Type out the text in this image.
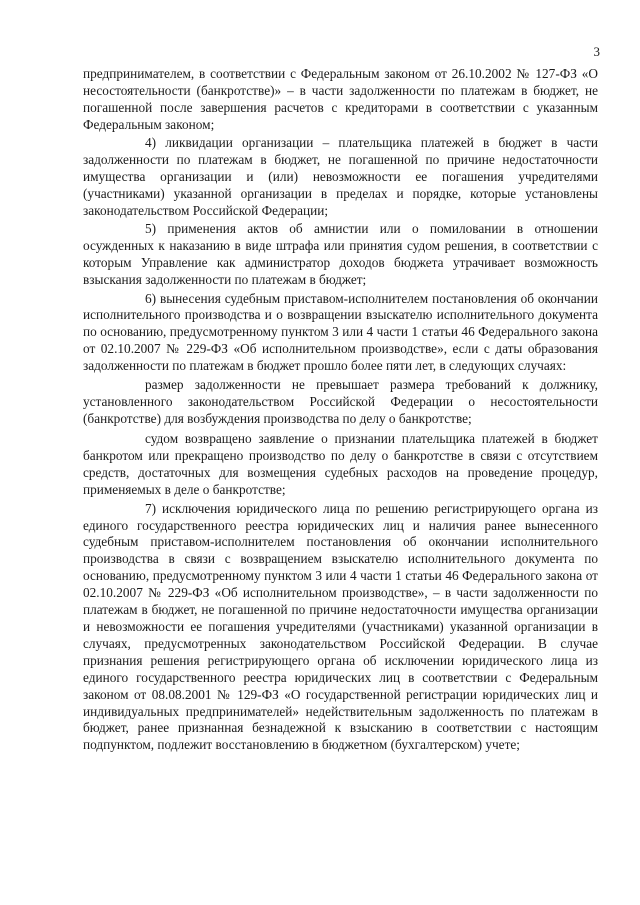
3

предпринимателем, в соответствии с Федеральным законом от 26.10.2002 № 127-ФЗ «О несостоятельности (банкротстве)» – в части задолженности по платежам в бюджет, не погашенной после завершения расчетов с кредиторами в соответствии с указанным Федеральным законом;

4) ликвидации организации – плательщика платежей в бюджет в части задолженности по платежам в бюджет, не погашенной по причине недостаточности имущества организации и (или) невозможности ее погашения учредителями (участниками) указанной организации в пределах и порядке, которые установлены законодательством Российской Федерации;

5) применения актов об амнистии или о помиловании в отношении осужденных к наказанию в виде штрафа или принятия судом решения, в соответствии с которым Управление как администратор доходов бюджета утрачивает возможность взыскания задолженности по платежам в бюджет;

6) вынесения судебным приставом-исполнителем постановления об окончании исполнительного производства и о возвращении взыскателю исполнительного документа по основанию, предусмотренному пунктом 3 или 4 части 1 статьи 46 Федерального закона от 02.10.2007 № 229-ФЗ «Об исполнительном производстве», если с даты образования задолженности по платежам в бюджет прошло более пяти лет, в следующих случаях:

размер задолженности не превышает размера требований к должнику, установленного законодательством Российской Федерации о несостоятельности (банкротстве) для возбуждения производства по делу о банкротстве;

судом возвращено заявление о признании плательщика платежей в бюджет банкротом или прекращено производство по делу о банкротстве в связи с отсутствием средств, достаточных для возмещения судебных расходов на проведение процедур, применяемых в деле о банкротстве;

7) исключения юридического лица по решению регистрирующего органа из единого государственного реестра юридических лиц и наличия ранее вынесенного судебным приставом-исполнителем постановления об окончании исполнительного производства в связи с возвращением взыскателю исполнительного документа по основанию, предусмотренному пунктом 3 или 4 части 1 статьи 46 Федерального закона от 02.10.2007 № 229-ФЗ «Об исполнительном производстве», – в части задолженности по платежам в бюджет, не погашенной по причине недостаточности имущества организации и невозможности ее погашения учредителями (участниками) указанной организации в случаях, предусмотренных законодательством Российской Федерации. В случае признания решения регистрирующего органа об исключении юридического лица из единого государственного реестра юридических лиц в соответствии с Федеральным законом от 08.08.2001 № 129-ФЗ «О государственной регистрации юридических лиц и индивидуальных предпринимателей» недействительным задолженность по платежам в бюджет, ранее признанная безнадежной к взысканию в соответствии с настоящим подпунктом, подлежит восстановлению в бюджетном (бухгалтерском) учете;
